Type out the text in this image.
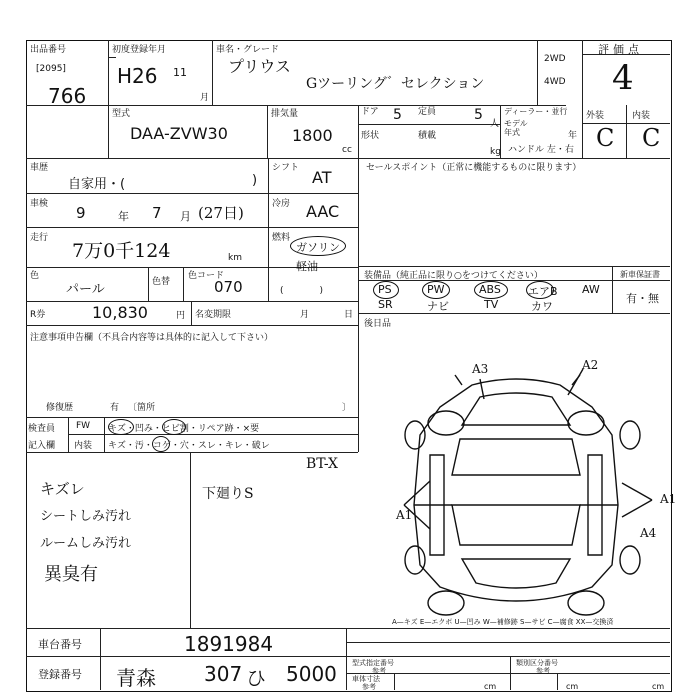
出品番号
[2095]
766
初度登録年月
H26 11
月
車名・グレード
プリウス
Gツーリング゛セレクション
2WD
4WD
評価点
4
型式
DAA-ZVW30
排気量
1800
cc
ドア 5 定員	5
人
形状	積載
kg
ディーラー・並行
モデル
年式	年
ハンドル 左・右
外装	内装
C C
車歴
自家用・(	)
シフト AT
車検 9	年 7 月 (27日)	冷房 AAC
走行
7万0千124	km
燃料
ガソリン
軽油
(　　　　)
色
パール	色替
色コード
070
R券	10,830	円 名変期限	月	日
注意事項申告欄（不具合内容等は具体的に記入して下さい）
修復歴	有 〔箇所	〕
検査員
記入欄
FW
内装
キズ・凹み・ヒビ割・リペア跡・×要
キズ・汚・コゲ・穴・スレ・キレ・破レ
BT-X
キズレ
シートしみ汚れ
ルームしみ汚れ
異臭有
下廻りS
セールスポイント（正常に機能するものに限ります）
装備品（純正品に限り○をつけてください）	新車保証書
有・無
PS	PW	ABS エアB AW
SR	ナビ	TV	カワ
後日品
A3	A2
A1
A1
A4
A—キズ E—エクボ U—凹み W—補修跡 S—サビ C—腐食 XX—交換済
車台番号	1891984
登録番号 青森 307 ひ 5000 型式指定番号
参考
類別区分番号
参考
車体寸法
参考	cm	cm	cm
